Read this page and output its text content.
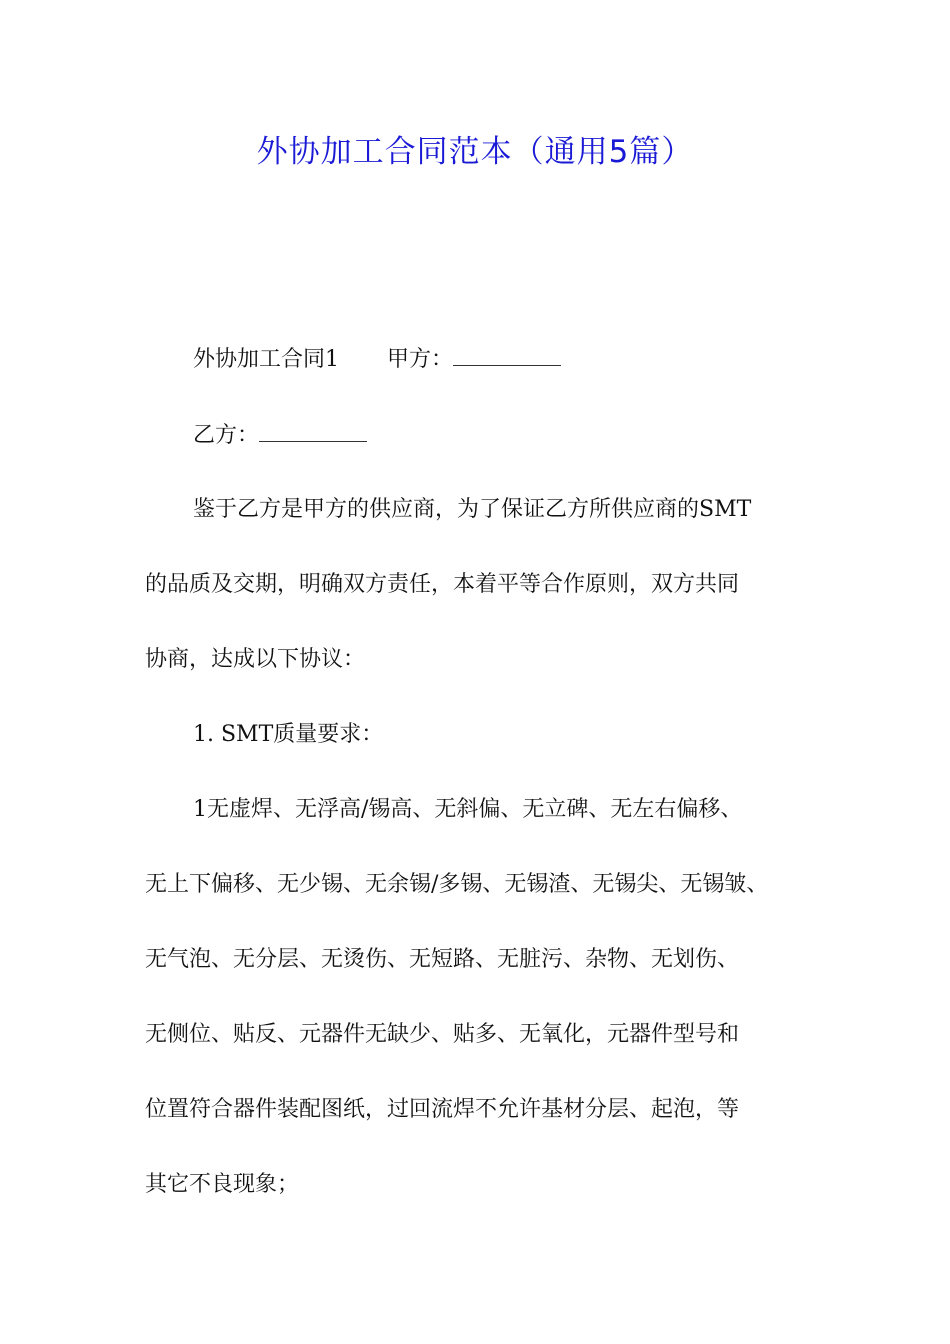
外协加工合同范本（通用5篇）
外协加工合同1 甲方：
乙方：
鉴于乙方是甲方的供应商，为了保证乙方所供应商的SMT
的品质及交期，明确双方责任，本着平等合作原则，双方共同
协商，达成以下协议：
1. SMT质量要求：
1无虚焊、无浮高/锡高、无斜偏、无立碑、无左右偏移、
无上下偏移、无少锡、无余锡/多锡、无锡渣、无锡尖、无锡皱、
无气泡、无分层、无烫伤、无短路、无脏污、杂物、无划伤、
无侧位、贴反、元器件无缺少、贴多、无氧化，元器件型号和
位置符合器件装配图纸，过回流焊不允许基材分层、起泡，等
其它不良现象；
